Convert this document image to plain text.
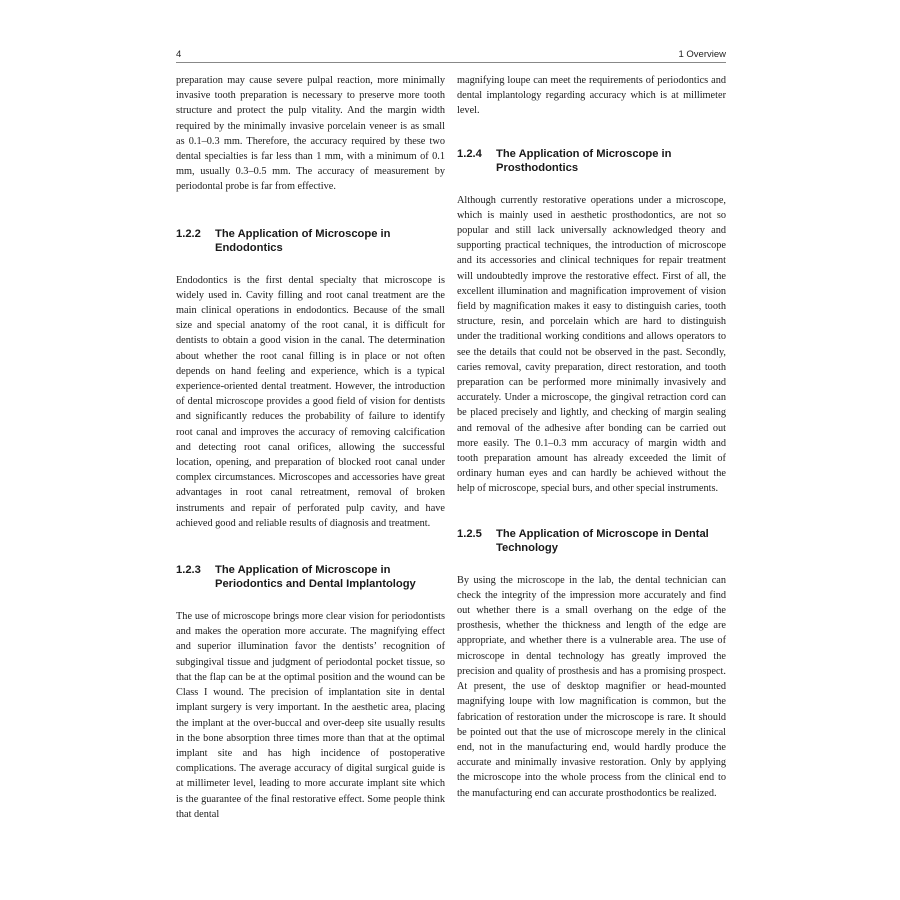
4	1 Overview

preparation may cause severe pulpal reaction, more minimally invasive tooth preparation is necessary to preserve more tooth structure and protect the pulp vitality. And the margin width required by the minimally invasive porcelain veneer is as small as 0.1–0.3 mm. Therefore, the accuracy required by these two dental specialties is far less than 1 mm, with a minimum of 0.1 mm, usually 0.3–0.5 mm. The accuracy of measurement by periodontal probe is far from effective.

1.2.2 The Application of Microscope in Endodontics

Endodontics is the first dental specialty that microscope is widely used in. Cavity filling and root canal treatment are the main clinical operations in endodontics. Because of the small size and special anatomy of the root canal, it is difficult for dentists to obtain a good vision in the canal. The determination about whether the root canal filling is in place or not often depends on hand feeling and experience, which is a typical experience-oriented dental treatment. However, the introduction of dental microscope provides a good field of vision for dentists and significantly reduces the probability of failure to identify root canal and improves the accuracy of removing calcification and detecting root canal orifices, allowing the successful location, opening, and preparation of blocked root canal under complex circumstances. Microscopes and accessories have great advantages in root canal retreatment, removal of broken instruments and repair of perforated pulp cavity, and have achieved good and reliable results of diagnosis and treatment.

1.2.3 The Application of Microscope in Periodontics and Dental Implantology

The use of microscope brings more clear vision for periodontists and makes the operation more accurate. The magnifying effect and superior illumination favor the dentists’ recognition of subgingival tissue and judgment of periodontal pocket tissue, so that the flap can be at the optimal position and the wound can be Class I wound. The precision of implantation site in dental implant surgery is very important. In the aesthetic area, placing the implant at the over-buccal and over-deep site usually results in the bone absorption three times more than that at the optimal implant site and has high incidence of postoperative complications. The average accuracy of digital surgical guide is at millimeter level, leading to more accurate implant site which is the guarantee of the final restorative effect. Some people think that dental

magnifying loupe can meet the requirements of periodontics and dental implantology regarding accuracy which is at millimeter level.

1.2.4 The Application of Microscope in Prosthodontics

Although currently restorative operations under a microscope, which is mainly used in aesthetic prosthodontics, are not so popular and still lack universally acknowledged theory and supporting practical techniques, the introduction of microscope and its accessories and clinical techniques for repair treatment will undoubtedly improve the restorative effect. First of all, the excellent illumination and magnification improvement of vision field by magnification makes it easy to distinguish caries, tooth structure, resin, and porcelain which are hard to distinguish under the traditional working conditions and allows operators to see the details that could not be observed in the past. Secondly, caries removal, cavity preparation, direct restoration, and tooth preparation can be performed more minimally invasively and accurately. Under a microscope, the gingival retraction cord can be placed precisely and lightly, and checking of margin sealing and removal of the adhesive after bonding can be carried out more easily. The 0.1–0.3 mm accuracy of margin width and tooth preparation amount has already exceeded the limit of ordinary human eyes and can hardly be achieved without the help of microscope, special burs, and other special instruments.

1.2.5 The Application of Microscope in Dental Technology

By using the microscope in the lab, the dental technician can check the integrity of the impression more accurately and find out whether there is a small overhang on the edge of the prosthesis, whether the thickness and length of the edge are appropriate, and whether there is a vulnerable area. The use of microscope in dental technology has greatly improved the precision and quality of prosthesis and has a promising prospect. At present, the use of desktop magnifier or head-mounted magnifying loupe with low magnification is common, but the fabrication of restoration under the microscope is rare. It should be pointed out that the use of microscope merely in the clinical end, not in the manufacturing end, would hardly produce the accurate and minimally invasive restoration. Only by applying the microscope into the whole process from the clinical end to the manufacturing end can accurate prosthodontics be realized.
